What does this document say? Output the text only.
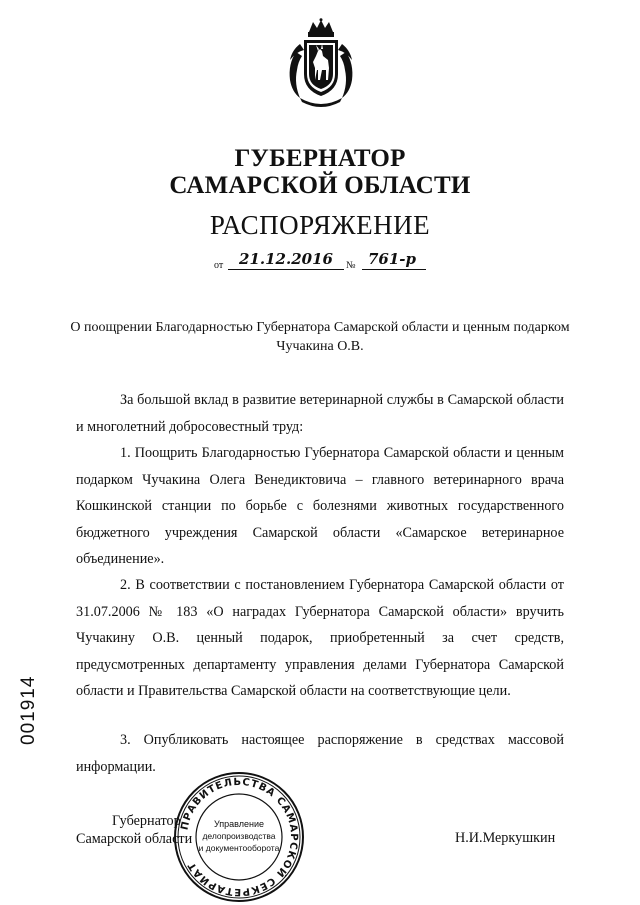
ГУБЕРНАТОР
САМАРСКОЙ ОБЛАСТИ
РАСПОРЯЖЕНИЕ
от	21.12.2016	№ 761-р
О поощрении Благодарностью Губернатора Самарской области и ценным подарком Чучакина О.В.
За большой вклад в развитие ветеринарной службы в Самарской области и многолетний добросовестный труд:
1. Поощрить Благодарностью Губернатора Самарской области и ценным подарком Чучакина Олега Венедиктовича – главного ветеринарного врача Кошкинской станции по борьбе с болезнями животных государственного бюджетного учреждения Самарской области «Самарское ветеринарное объединение».
2. В соответствии с постановлением Губернатора Самарской области от 31.07.2006 № 183 «О наградах Губернатора Самарской области» вручить Чучакину О.В. ценный подарок, приобретенный за счет средств, предусмотренных департаменту управления делами Губернатора Самарской области и Правительства Самарской области на соответствующие цели.
3. Опубликовать настоящее распоряжение в средствах массовой информации.
001914
Губернатор
Самарской области	Н.И.Меркушкин
ПРАВИТЕЛЬСТВА САМАРСКОЙ СЕКРЕТАРИАТ
Управление
делопроизводства
и документооборота
